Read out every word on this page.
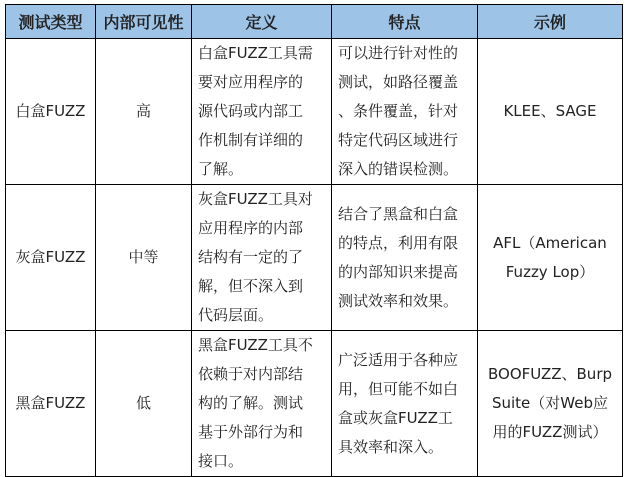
测试类型	内部可见性	定义	特点	示例
白盒FUZZ	高	白盒FUZZ工具需
要对应用程序的
源代码或内部工
作机制有详细的
了解。	可以进行针对性的
测试，如路径覆盖
、条件覆盖，针对
特定代码区域进行
深入的错误检测。	KLEE、SAGE
灰盒FUZZ	中等	灰盒FUZZ工具对
应用程序的内部
结构有一定的了
解，但不深入到
代码层面。	结合了黑盒和白盒
的特点，利用有限
的内部知识来提高
测试效率和效果。	AFL（American
Fuzzy Lop）
黑盒FUZZ	低	黑盒FUZZ工具不
依赖于对内部结
构的了解。测试
基于外部行为和
接口。	广泛适用于各种应
用，但可能不如白
盒或灰盒FUZZ工
具效率和深入。	BOOFUZZ、Burp
Suite（对Web应
用的FUZZ测试）
